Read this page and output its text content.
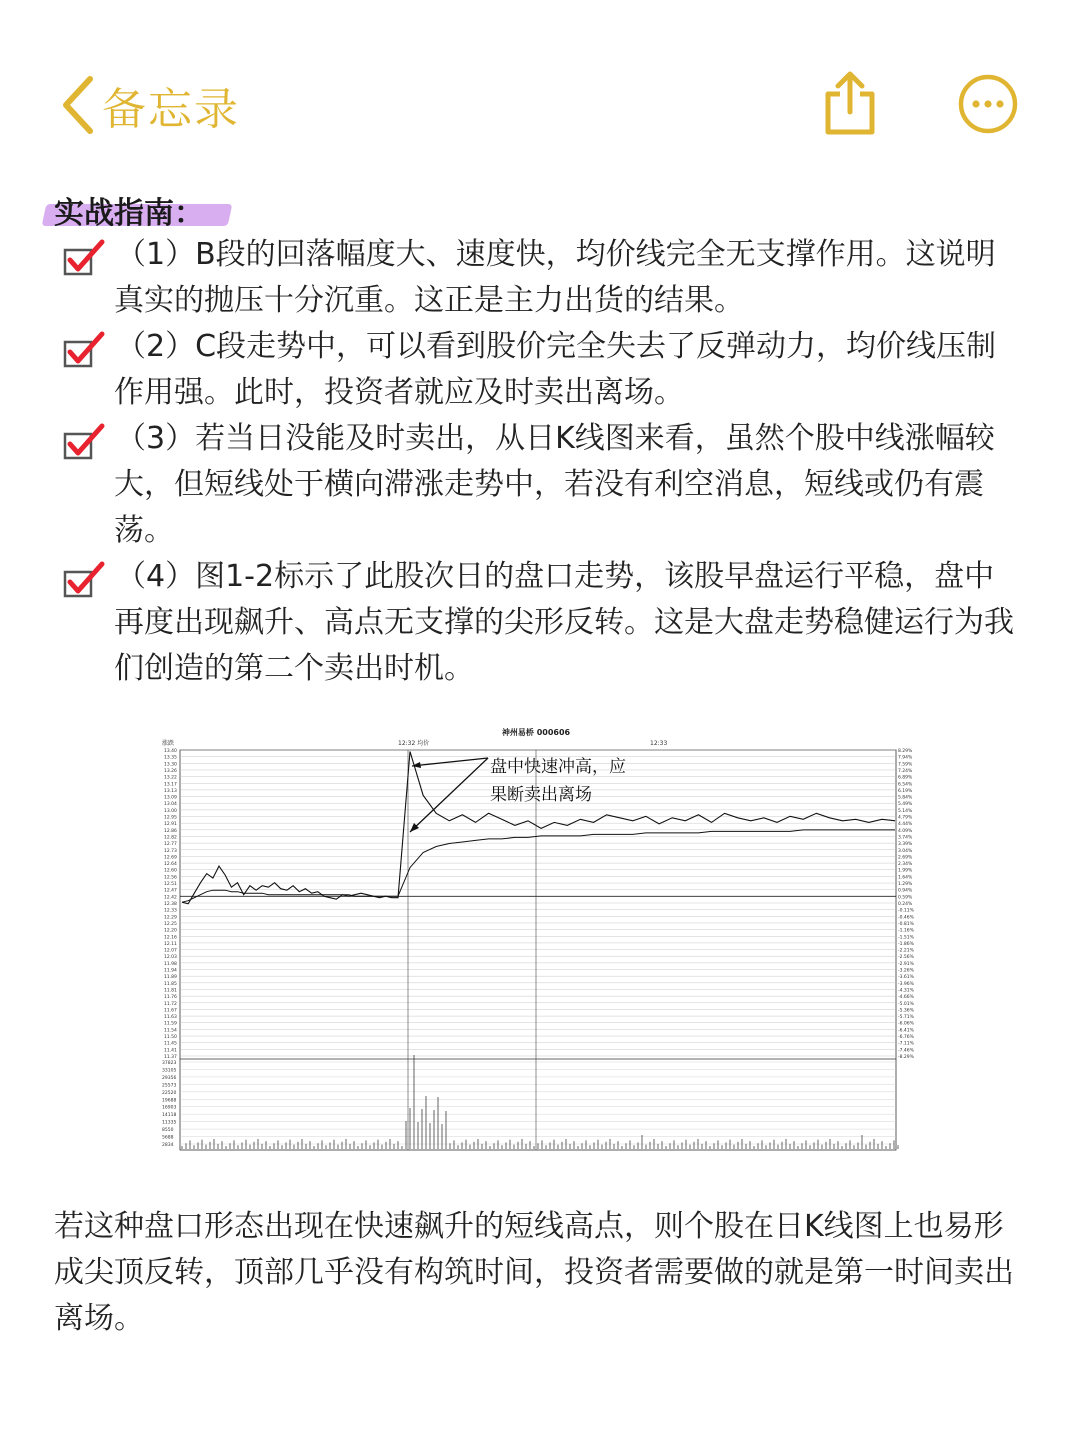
备忘录
实战指南：
（1）B段的回落幅度大、速度快，均价线完全无支撑作用。这说明真实的抛压十分沉重。这正是主力出货的结果。
（2）C段走势中，可以看到股价完全失去了反弹动力，均价线压制作用强。此时，投资者就应及时卖出离场。
（3）若当日没能及时卖出，从日K线图来看，虽然个股中线涨幅较大，但短线处于横向滞涨走势中，若没有利空消息，短线或仍有震荡。
（4）图1-2标示了此股次日的盘口走势，该股早盘运行平稳，盘中再度出现飙升、高点无支撑的尖形反转。这是大盘走势稳健运行为我们创造的第二个卖出时机。
神州易桥 000606
涨跌	12:32 均价	12:33
13.40	8.29%
13.35	7.94%
13.30	7.59%
13.26	7.24%
13.22	6.89%
13.17	6.54%
13.13	6.19%
13.09	5.84%
13.04	5.49%
13.00	5.14%
12.95	4.79%
12.91	4.44%
12.86	4.09%
12.82	3.74%
12.77	3.39%
12.73	3.04%
12.69	2.69%
12.64	2.34%
12.60	1.99%
12.56	1.64%
12.51	1.29%
12.47	0.94%
12.42	0.59%
12.38	0.24%
12.33	-0.11%
12.29	-0.46%
12.25	-0.81%
12.20	-1.16%
12.16	-1.51%
12.11	-1.86%
12.07	-2.21%
12.03	-2.56%
11.98	-2.91%
11.94	-3.26%
11.89	-3.61%
11.85	-3.96%
11.81	-4.31%
11.76	-4.66%
11.72	-5.01%
11.67	-5.36%
11.63	-5.71%
11.59	-6.06%
11.54	-6.41%
11.50	-6.76%
11.45	-7.11%
11.41	-7.46%
11.37	-8.29%
37823
33105
29356
25573
22520
19688
16903
14118
11335
8550
5688
2834
盘中快速冲高，应
果断卖出离场
若这种盘口形态出现在快速飙升的短线高点，则个股在日K线图上也易形成尖顶反转，顶部几乎没有构筑时间，投资者需要做的就是第一时间卖出离场。
